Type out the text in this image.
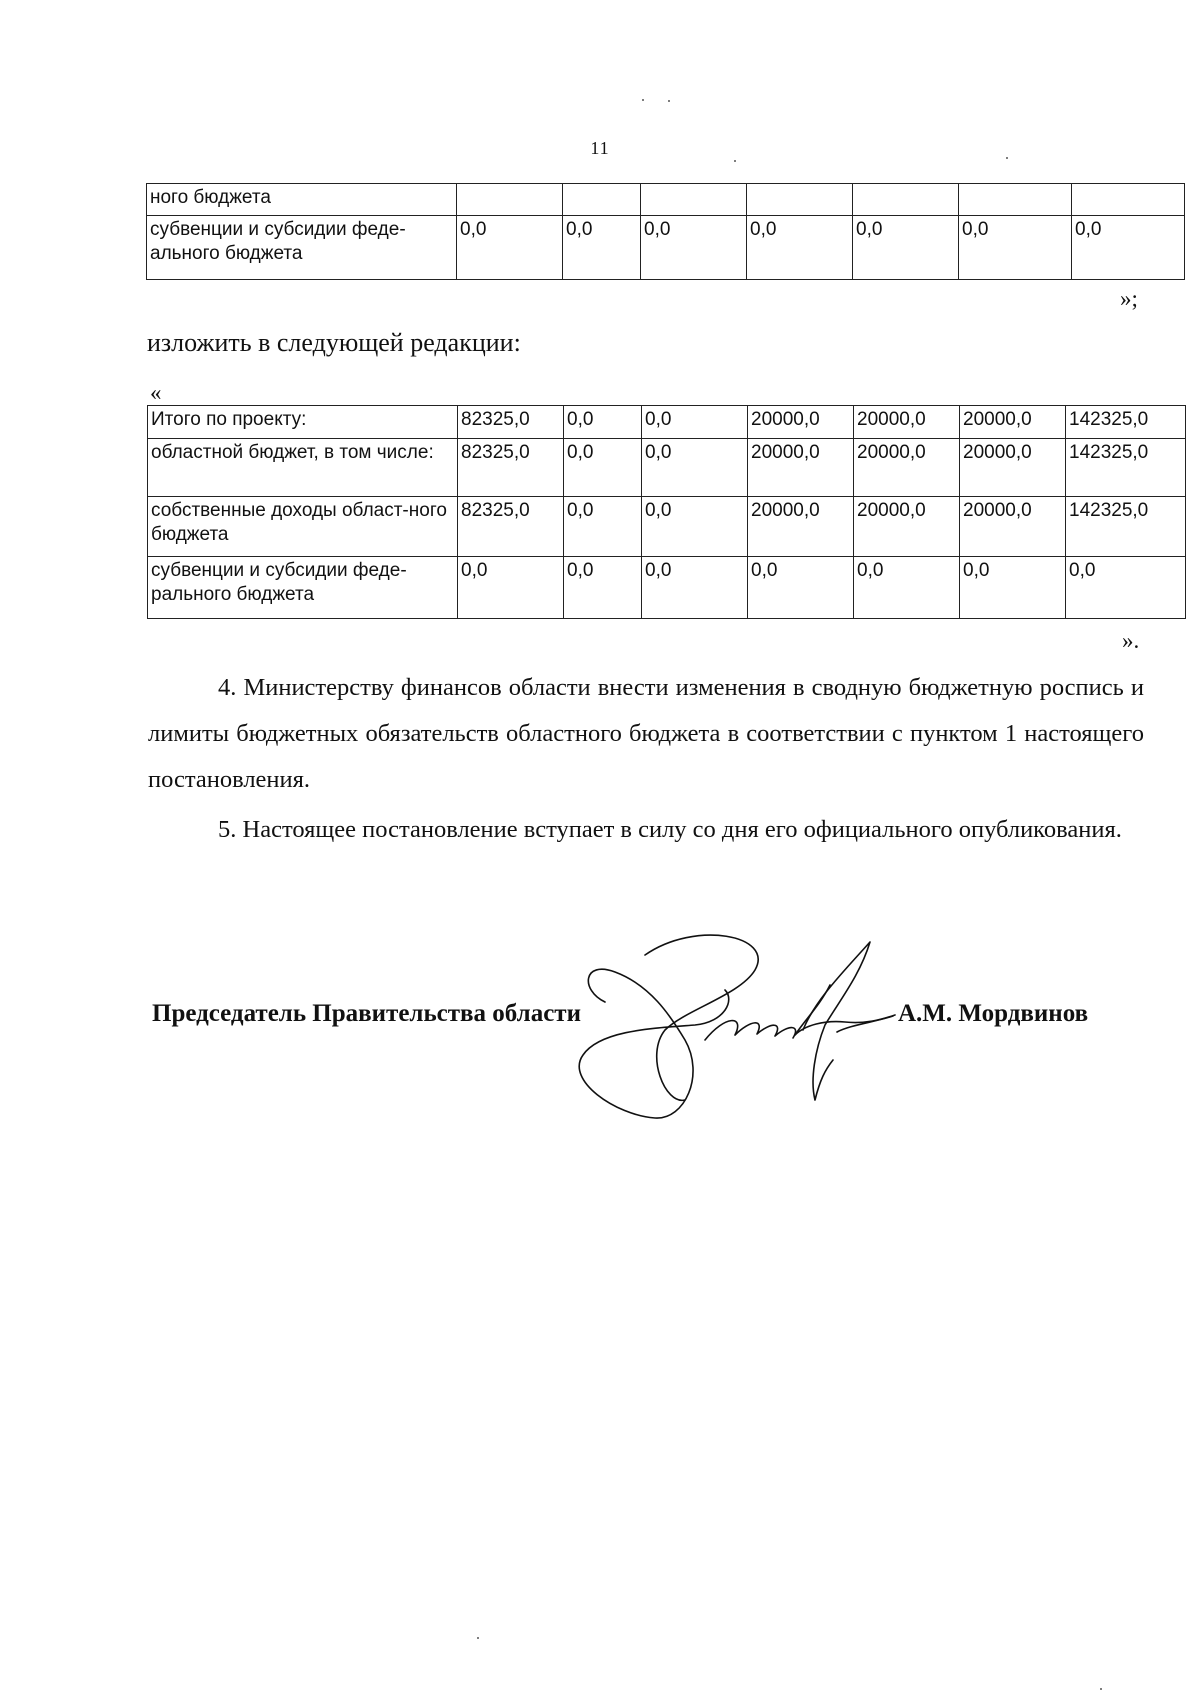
11
ного бюджета							
субвенции и субсидии феде-ального бюджета	0,0	0,0	0,0	0,0	0,0	0,0	0,0
»;
изложить в следующей редакции:
«
Итого по проекту:	82325,0	0,0	0,0	20000,0	20000,0	20000,0	142325,0
областной бюджет, в том числе:	82325,0	0,0	0,0	20000,0	20000,0	20000,0	142325,0
собственные доходы област-ного бюджета	82325,0	0,0	0,0	20000,0	20000,0	20000,0	142325,0
субвенции и субсидии феде-рального бюджета	0,0	0,0	0,0	0,0	0,0	0,0	0,0
».

4. Министерству финансов области внести изменения в сводную бюджетную роспись и лимиты бюджетных обязательств областного бюджета в соответствии с пунктом 1 настоящего постановления.

5. Настоящее постановление вступает в силу со дня его официального опубликования.

Председатель Правительства области	А.М. Мордвинов
